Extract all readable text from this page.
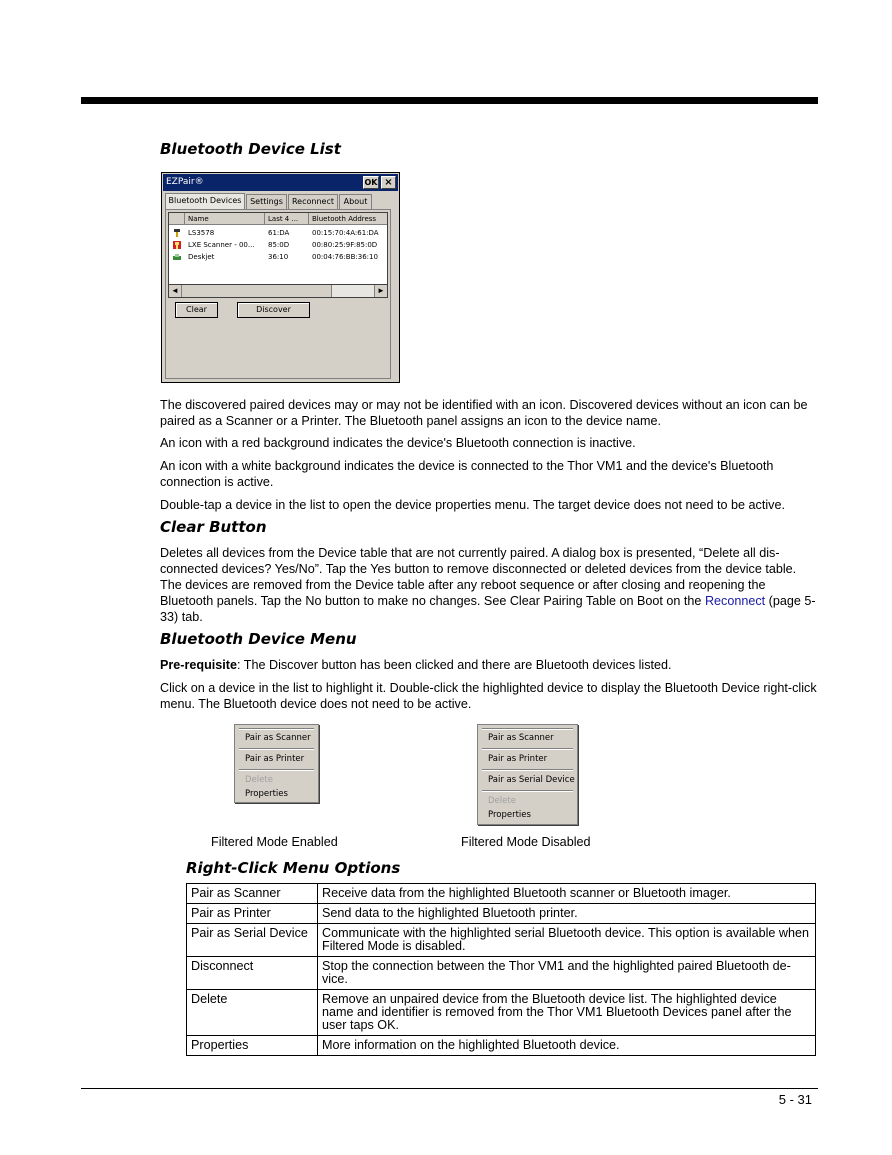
Bluetooth Device List
EZPair®	OK ×
Bluetooth Devices	Settings	Reconnect	About
Name	Last 4 ...	Bluetooth Address
LS3578	61:DA	00:15:70:4A:61:DA
LXE Scanner - 00... 85:0D	00:80:25:9F:85:0D
Deskjet	36:10	00:04:76:BB:36:10
◄	►
Clear	Discover

The discovered paired devices may or may not be identified with an icon. Discovered devices without an icon can be paired as a Scanner or a Printer. The Bluetooth panel assigns an icon to the device name.

An icon with a red background indicates the device's Bluetooth connection is inactive.

An icon with a white background indicates the device is connected to the Thor VM1 and the device's Bluetooth connection is active.

Double-tap a device in the list to open the device properties menu. The target device does not need to be active.

Clear Button

Deletes all devices from the Device table that are not currently paired. A dialog box is presented, “Delete all dis-connected devices? Yes/No”. Tap the Yes button to remove disconnected or deleted devices from the device table. The devices are removed from the Device table after any reboot sequence or after closing and reopening the Bluetooth panels. Tap the No button to make no changes. See Clear Pairing Table on Boot on the Reconnect (page 5-33) tab.

Bluetooth Device Menu

Pre-requisite: The Discover button has been clicked and there are Bluetooth devices listed.

Click on a device in the list to highlight it. Double-click the highlighted device to display the Bluetooth Device right-click menu. The Bluetooth device does not need to be active.

Pair as Scanner
Pair as Printer
Delete
Properties
Pair as Scanner
Pair as Printer
Pair as Serial Device
Delete
Properties
Filtered Mode Enabled	Filtered Mode Disabled
Right-Click Menu Options
Pair as Scanner	Receive data from the highlighted Bluetooth scanner or Bluetooth imager.
Pair as Printer	Send data to the highlighted Bluetooth printer.
Pair as Serial Device	Communicate with the highlighted serial Bluetooth device. This option is available when Filtered Mode is disabled.
Disconnect	Stop the connection between the Thor VM1 and the highlighted paired Bluetooth de-vice.
Delete	Remove an unpaired device from the Bluetooth device list. The highlighted device name and identifier is removed from the Thor VM1 Bluetooth Devices panel after the user taps OK.
Properties	More information on the highlighted Bluetooth device.
5 - 31
